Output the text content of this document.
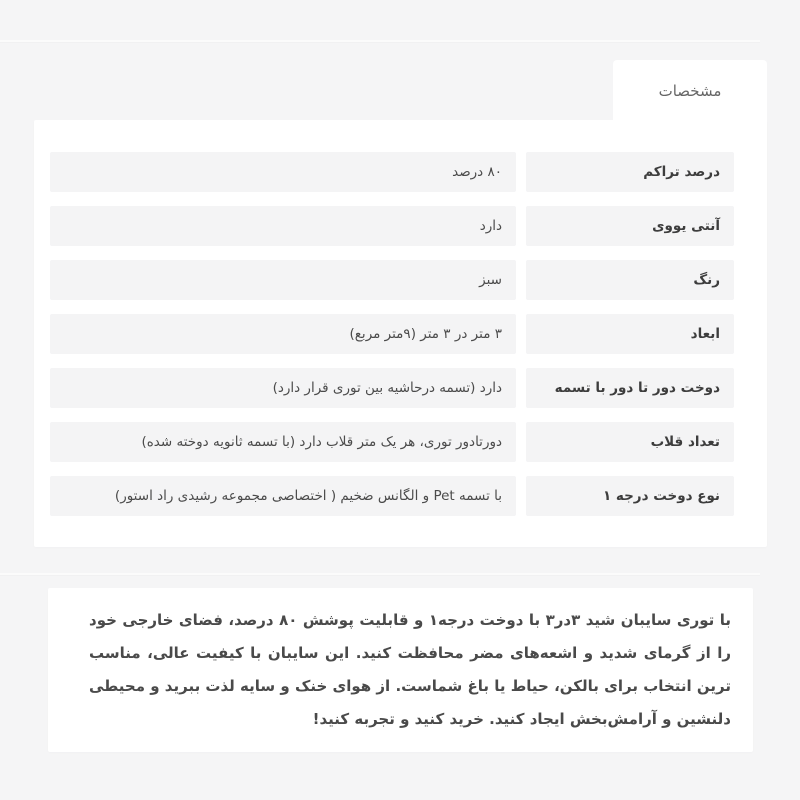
مشخصات
درصد تراکم
۸۰ درصد
آنتی یووی
دارد
رنگ
سبز
ابعاد
۳ متر در ۳ متر (۹متر مربع)
دوخت دور تا دور با تسمه
دارد (تسمه درحاشیه بین توری قرار دارد)
تعداد قلاب
دورتادور توری، هر یک متر قلاب دارد (با تسمه ثانویه دوخته شده)
نوع دوخت درجه ۱
با تسمه Pet و الگانس ضخیم ( اختصاصی مجموعه رشیدی راد استور)

با توری سایبان شید ۳در۳ با دوخت درجه۱ و قابلیت پوشش ۸۰ درصد، فضای خارجی خود را از گرمای شدید و اشعه‌های مضر محافظت کنید. این سایبان با کیفیت عالی، مناسب ترین انتخاب برای بالکن، حیاط یا باغ شماست. از هوای خنک و سایه لذت ببرید و محیطی دلنشین و آرامش‌بخش ایجاد کنید. خرید کنید و تجربه کنید!
